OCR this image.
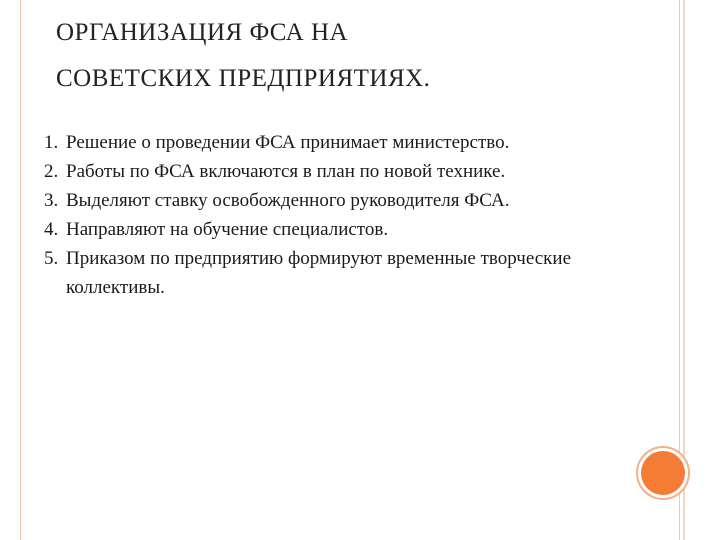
ОРГАНИЗАЦИЯ ФСА НА
СОВЕТСКИХ ПРЕДПРИЯТИЯХ.
1. Решение о проведении ФСА принимает министерство.
2. Работы по ФСА включаются в план по новой технике.
3. Выделяют ставку освобожденного руководителя ФСА.
4. Направляют на обучение специалистов.
5. Приказом по предприятию формируют временные творческие коллективы.
